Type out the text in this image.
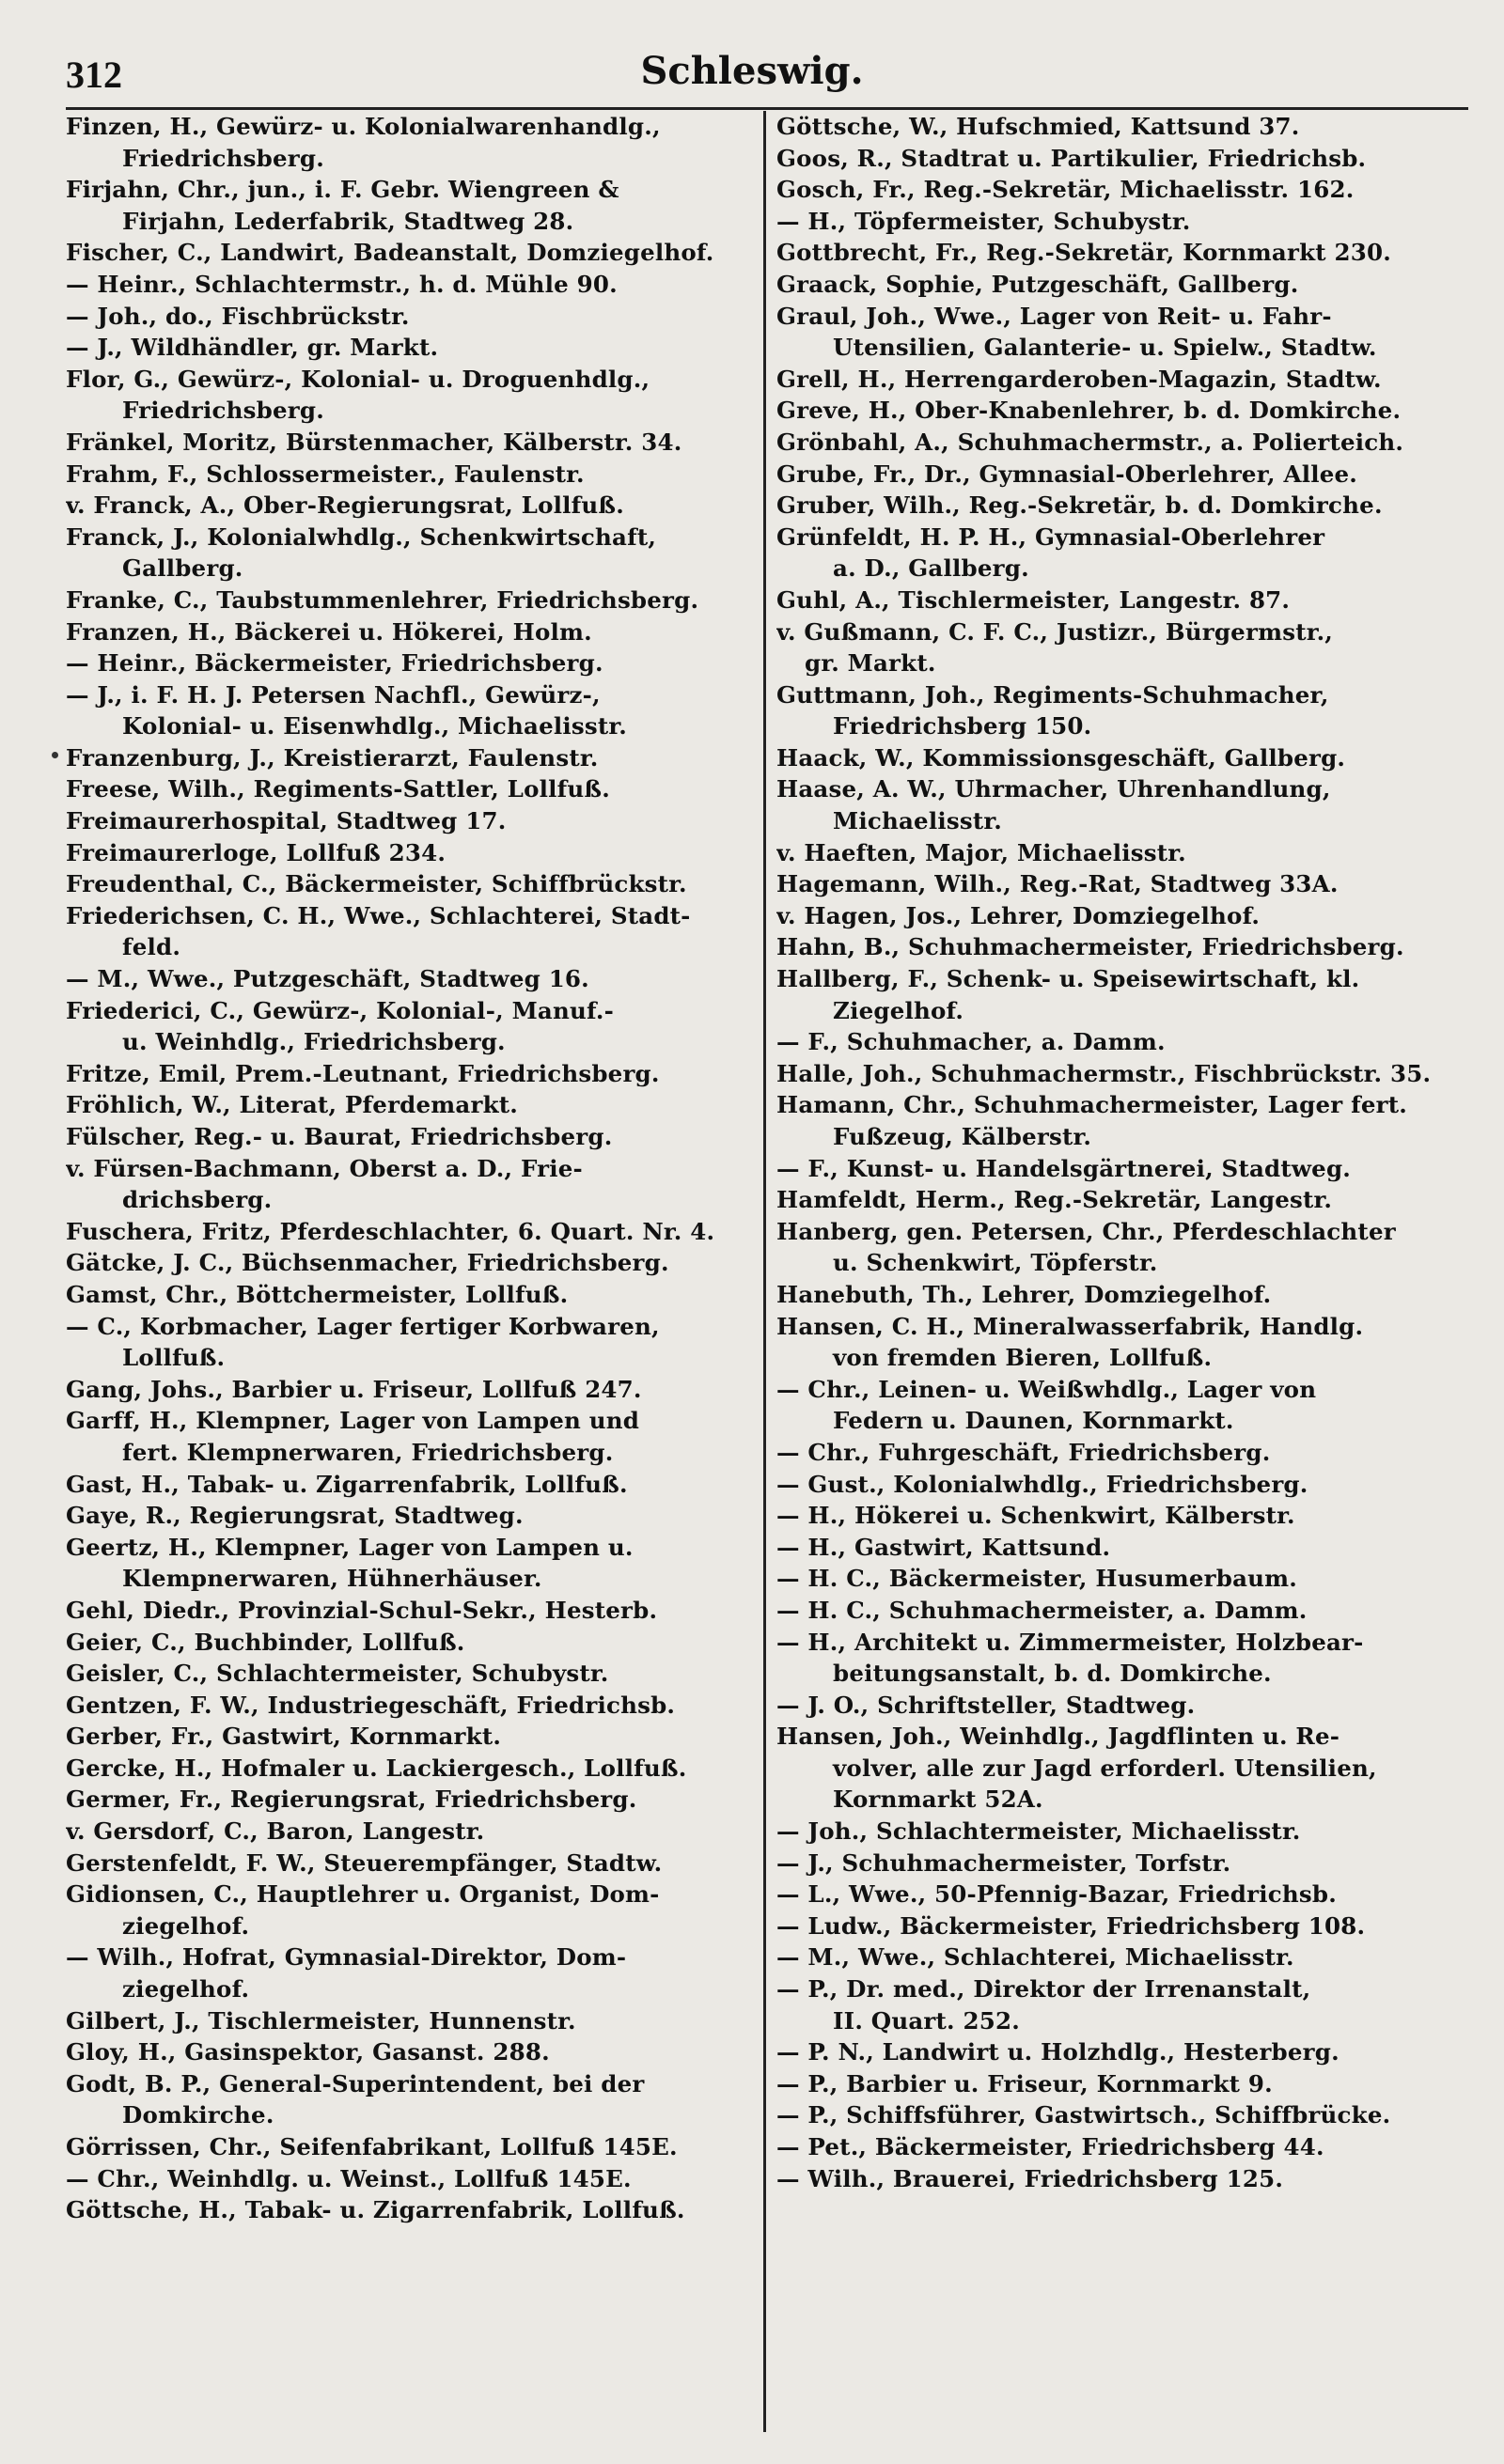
312	Schleswig.
Finzen, H., Gewürz- u. Kolonialwarenhandlg.,
Friedrichsberg.
Firjahn, Chr., jun., i. F. Gebr. Wiengreen &
Firjahn, Lederfabrik, Stadtweg 28.
Fischer, C., Landwirt, Badeanstalt, Domziegelhof.
— Heinr., Schlachtermstr., h. d. Mühle 90.
— Joh., do., Fischbrückstr.
— J., Wildhändler, gr. Markt.
Flor, G., Gewürz-, Kolonial- u. Droguenhdlg.,
Friedrichsberg.
Fränkel, Moritz, Bürstenmacher, Kälberstr. 34.
Frahm, F., Schlossermeister., Faulenstr.
v. Franck, A., Ober-Regierungsrat, Lollfuß.
Franck, J., Kolonialwhdlg., Schenkwirtschaft,
Gallberg.
Franke, C., Taubstummenlehrer, Friedrichsberg.
Franzen, H., Bäckerei u. Hökerei, Holm.
— Heinr., Bäckermeister, Friedrichsberg.
— J., i. F. H. J. Petersen Nachfl., Gewürz-,
Kolonial- u. Eisenwhdlg., Michaelisstr.
Franzenburg, J., Kreistierarzt, Faulenstr.
Freese, Wilh., Regiments-Sattler, Lollfuß.
Freimaurerhospital, Stadtweg 17.
Freimaurerloge, Lollfuß 234.
Freudenthal, C., Bäckermeister, Schiffbrückstr.
Friederichsen, C. H., Wwe., Schlachterei, Stadt-
feld.
— M., Wwe., Putzgeschäft, Stadtweg 16.
Friederici, C., Gewürz-, Kolonial-, Manuf.-
u. Weinhdlg., Friedrichsberg.
Fritze, Emil, Prem.-Leutnant, Friedrichsberg.
Fröhlich, W., Literat, Pferdemarkt.
Fülscher, Reg.- u. Baurat, Friedrichsberg.
v. Fürsen-Bachmann, Oberst a. D., Frie-
drichsberg.
Fuschera, Fritz, Pferdeschlachter, 6. Quart. Nr. 4.
Gätcke, J. C., Büchsenmacher, Friedrichsberg.
Gamst, Chr., Böttchermeister, Lollfuß.
— C., Korbmacher, Lager fertiger Korbwaren,
Lollfuß.
Gang, Johs., Barbier u. Friseur, Lollfuß 247.
Garff, H., Klempner, Lager von Lampen und
fert. Klempnerwaren, Friedrichsberg.
Gast, H., Tabak- u. Zigarrenfabrik, Lollfuß.
Gaye, R., Regierungsrat, Stadtweg.
Geertz, H., Klempner, Lager von Lampen u.
Klempnerwaren, Hühnerhäuser.
Gehl, Diedr., Provinzial-Schul-Sekr., Hesterb.
Geier, C., Buchbinder, Lollfuß.
Geisler, C., Schlachtermeister, Schubystr.
Gentzen, F. W., Industriegeschäft, Friedrichsb.
Gerber, Fr., Gastwirt, Kornmarkt.
Gercke, H., Hofmaler u. Lackiergesch., Lollfuß.
Germer, Fr., Regierungsrat, Friedrichsberg.
v. Gersdorf, C., Baron, Langestr.
Gerstenfeldt, F. W., Steuerempfänger, Stadtw.
Gidionsen, C., Hauptlehrer u. Organist, Dom-
ziegelhof.
— Wilh., Hofrat, Gymnasial-Direktor, Dom-
ziegelhof.
Gilbert, J., Tischlermeister, Hunnenstr.
Gloy, H., Gasinspektor, Gasanst. 288.
Godt, B. P., General-Superintendent, bei der
Domkirche.
Görrissen, Chr., Seifenfabrikant, Lollfuß 145E.
— Chr., Weinhdlg. u. Weinst., Lollfuß 145E.
Göttsche, H., Tabak- u. Zigarrenfabrik, Lollfuß.
Göttsche, W., Hufschmied, Kattsund 37.
Goos, R., Stadtrat u. Partikulier, Friedrichsb.
Gosch, Fr., Reg.-Sekretär, Michaelisstr. 162.
— H., Töpfermeister, Schubystr.
Gottbrecht, Fr., Reg.-Sekretär, Kornmarkt 230.
Graack, Sophie, Putzgeschäft, Gallberg.
Graul, Joh., Wwe., Lager von Reit- u. Fahr-
Utensilien, Galanterie- u. Spielw., Stadtw.
Grell, H., Herrengarderoben-Magazin, Stadtw.
Greve, H., Ober-Knabenlehrer, b. d. Domkirche.
Grönbahl, A., Schuhmachermstr., a. Polierteich.
Grube, Fr., Dr., Gymnasial-Oberlehrer, Allee.
Gruber, Wilh., Reg.-Sekretär, b. d. Domkirche.
Grünfeldt, H. P. H., Gymnasial-Oberlehrer
a. D., Gallberg.
Guhl, A., Tischlermeister, Langestr. 87.
v. Gußmann, C. F. C., Justizr., Bürgermstr.,
gr. Markt.
Guttmann, Joh., Regiments-Schuhmacher,
Friedrichsberg 150.
Haack, W., Kommissionsgeschäft, Gallberg.
Haase, A. W., Uhrmacher, Uhrenhandlung,
Michaelisstr.
v. Haeften, Major, Michaelisstr.
Hagemann, Wilh., Reg.-Rat, Stadtweg 33A.
v. Hagen, Jos., Lehrer, Domziegelhof.
Hahn, B., Schuhmachermeister, Friedrichsberg.
Hallberg, F., Schenk- u. Speisewirtschaft, kl.
Ziegelhof.
— F., Schuhmacher, a. Damm.
Halle, Joh., Schuhmachermstr., Fischbrückstr. 35.
Hamann, Chr., Schuhmachermeister, Lager fert.
Fußzeug, Kälberstr.
— F., Kunst- u. Handelsgärtnerei, Stadtweg.
Hamfeldt, Herm., Reg.-Sekretär, Langestr.
Hanberg, gen. Petersen, Chr., Pferdeschlachter
u. Schenkwirt, Töpferstr.
Hanebuth, Th., Lehrer, Domziegelhof.
Hansen, C. H., Mineralwasserfabrik, Handlg.
von fremden Bieren, Lollfuß.
— Chr., Leinen- u. Weißwhdlg., Lager von
Federn u. Daunen, Kornmarkt.
— Chr., Fuhrgeschäft, Friedrichsberg.
— Gust., Kolonialwhdlg., Friedrichsberg.
— H., Hökerei u. Schenkwirt, Kälberstr.
— H., Gastwirt, Kattsund.
— H. C., Bäckermeister, Husumerbaum.
— H. C., Schuhmachermeister, a. Damm.
— H., Architekt u. Zimmermeister, Holzbear-
beitungsanstalt, b. d. Domkirche.
— J. O., Schriftsteller, Stadtweg.
Hansen, Joh., Weinhdlg., Jagdflinten u. Re-
volver, alle zur Jagd erforderl. Utensilien,
Kornmarkt 52A.
— Joh., Schlachtermeister, Michaelisstr.
— J., Schuhmachermeister, Torfstr.
— L., Wwe., 50-Pfennig-Bazar, Friedrichsb.
— Ludw., Bäckermeister, Friedrichsberg 108.
— M., Wwe., Schlachterei, Michaelisstr.
— P., Dr. med., Direktor der Irrenanstalt,
II. Quart. 252.
— P. N., Landwirt u. Holzhdlg., Hesterberg.
— P., Barbier u. Friseur, Kornmarkt 9.
— P., Schiffsführer, Gastwirtsch., Schiffbrücke.
— Pet., Bäckermeister, Friedrichsberg 44.
— Wilh., Brauerei, Friedrichsberg 125.
